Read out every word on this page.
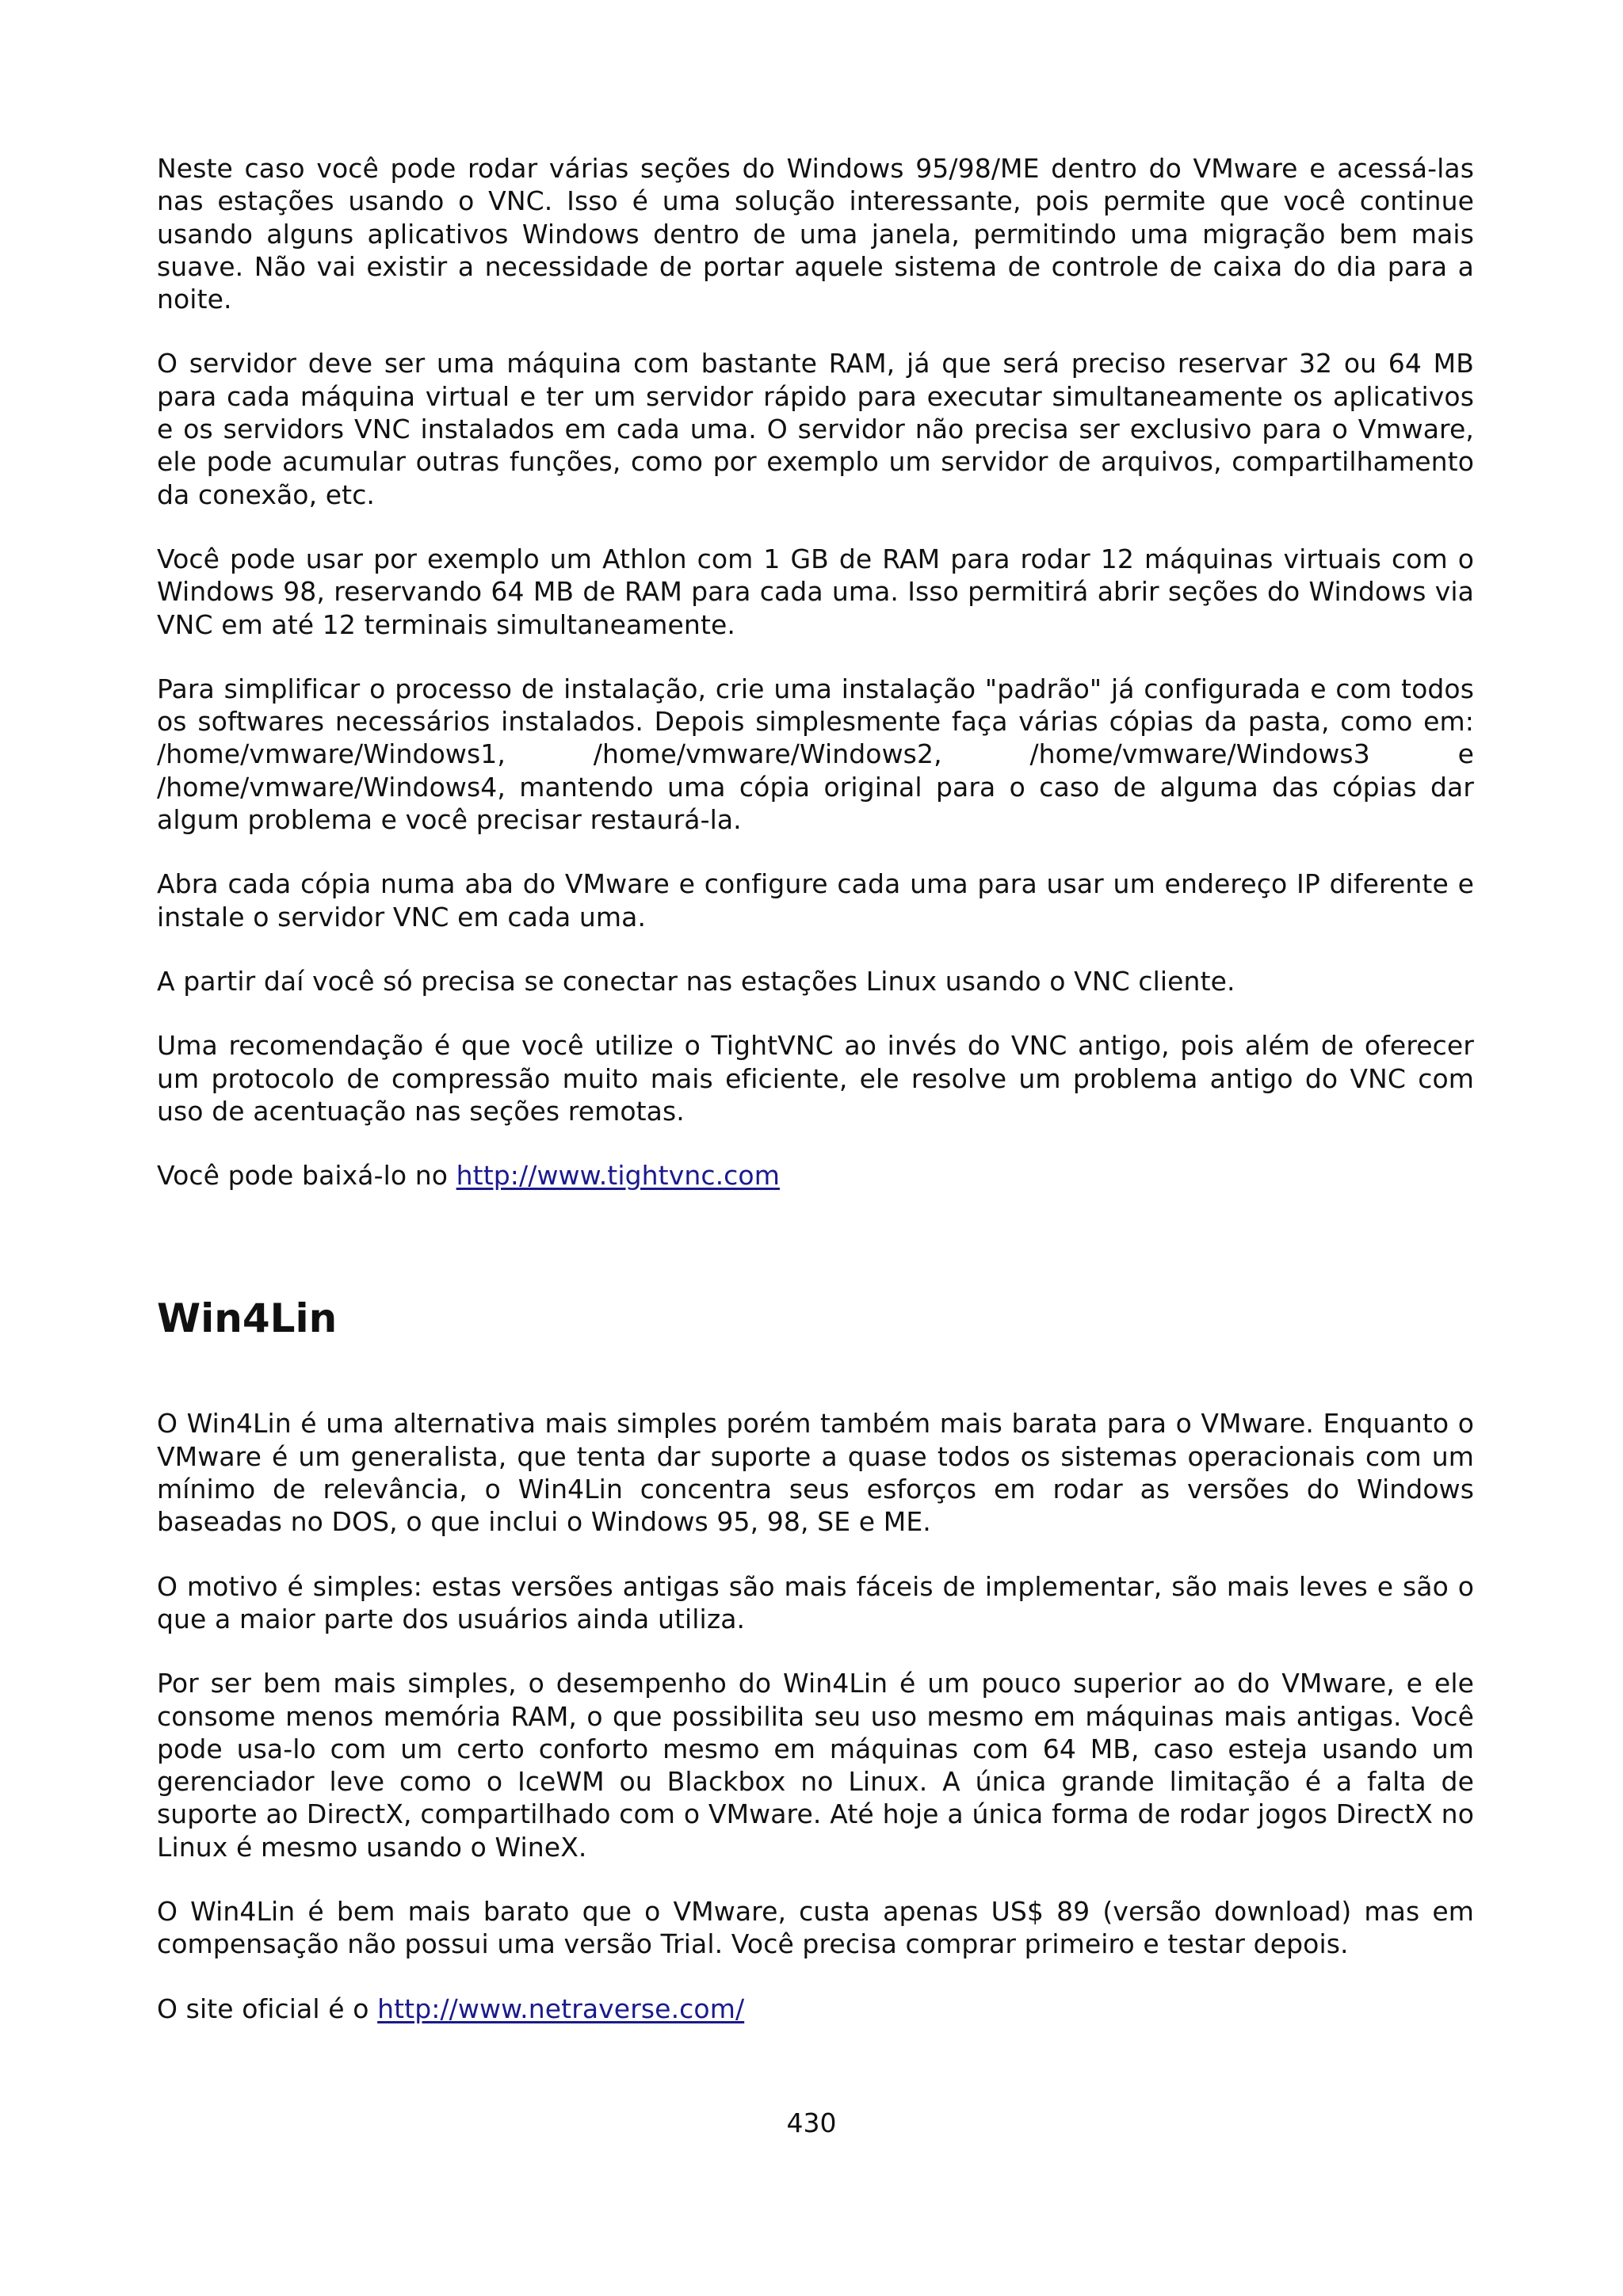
Neste caso você pode rodar várias seções do Windows 95/98/ME dentro do VMware e acessá-las nas estações usando o VNC. Isso é uma solução interessante, pois permite que você continue usando alguns aplicativos Windows dentro de uma janela, permitindo uma migração bem mais suave. Não vai existir a necessidade de portar aquele sistema de controle de caixa do dia para a noite.

O servidor deve ser uma máquina com bastante RAM, já que será preciso reservar 32 ou 64 MB para cada máquina virtual e ter um servidor rápido para executar simultaneamente os aplicativos e os servidors VNC instalados em cada uma. O servidor não precisa ser exclusivo para o Vmware, ele pode acumular outras funções, como por exemplo um servidor de arquivos, compartilhamento da conexão, etc.

Você pode usar por exemplo um Athlon com 1 GB de RAM para rodar 12 máquinas virtuais com o Windows 98, reservando 64 MB de RAM para cada uma. Isso permitirá abrir seções do Windows via VNC em até 12 terminais simultaneamente.

Para simplificar o processo de instalação, crie uma instalação "padrão" já configurada e com todos os softwares necessários instalados. Depois simplesmente faça várias cópias da pasta, como em: /home/vmware/Windows1, /home/vmware/Windows2, /home/vmware/Windows3 e /home/vmware/Windows4, mantendo uma cópia original para o caso de alguma das cópias dar algum problema e você precisar restaurá-la.

Abra cada cópia numa aba do VMware e configure cada uma para usar um endereço IP diferente e instale o servidor VNC em cada uma.

A partir daí você só precisa se conectar nas estações Linux usando o VNC cliente.

Uma recomendação é que você utilize o TightVNC ao invés do VNC antigo, pois além de oferecer um protocolo de compressão muito mais eficiente, ele resolve um problema antigo do VNC com uso de acentuação nas seções remotas.

Você pode baixá-lo no http://www.tightvnc.com

Win4Lin

O Win4Lin é uma alternativa mais simples porém também mais barata para o VMware. Enquanto o VMware é um generalista, que tenta dar suporte a quase todos os sistemas operacionais com um mínimo de relevância, o Win4Lin concentra seus esforços em rodar as versões do Windows baseadas no DOS, o que inclui o Windows 95, 98, SE e ME.

O motivo é simples: estas versões antigas são mais fáceis de implementar, são mais leves e são o que a maior parte dos usuários ainda utiliza.

Por ser bem mais simples, o desempenho do Win4Lin é um pouco superior ao do VMware, e ele consome menos memória RAM, o que possibilita seu uso mesmo em máquinas mais antigas. Você pode usa-lo com um certo conforto mesmo em máquinas com 64 MB, caso esteja usando um gerenciador leve como o IceWM ou Blackbox no Linux. A única grande limitação é a falta de suporte ao DirectX, compartilhado com o VMware. Até hoje a única forma de rodar jogos DirectX no Linux é mesmo usando o WineX.

O Win4Lin é bem mais barato que o VMware, custa apenas US$ 89 (versão download) mas em compensação não possui uma versão Trial. Você precisa comprar primeiro e testar depois.

O site oficial é o http://www.netraverse.com/

430
